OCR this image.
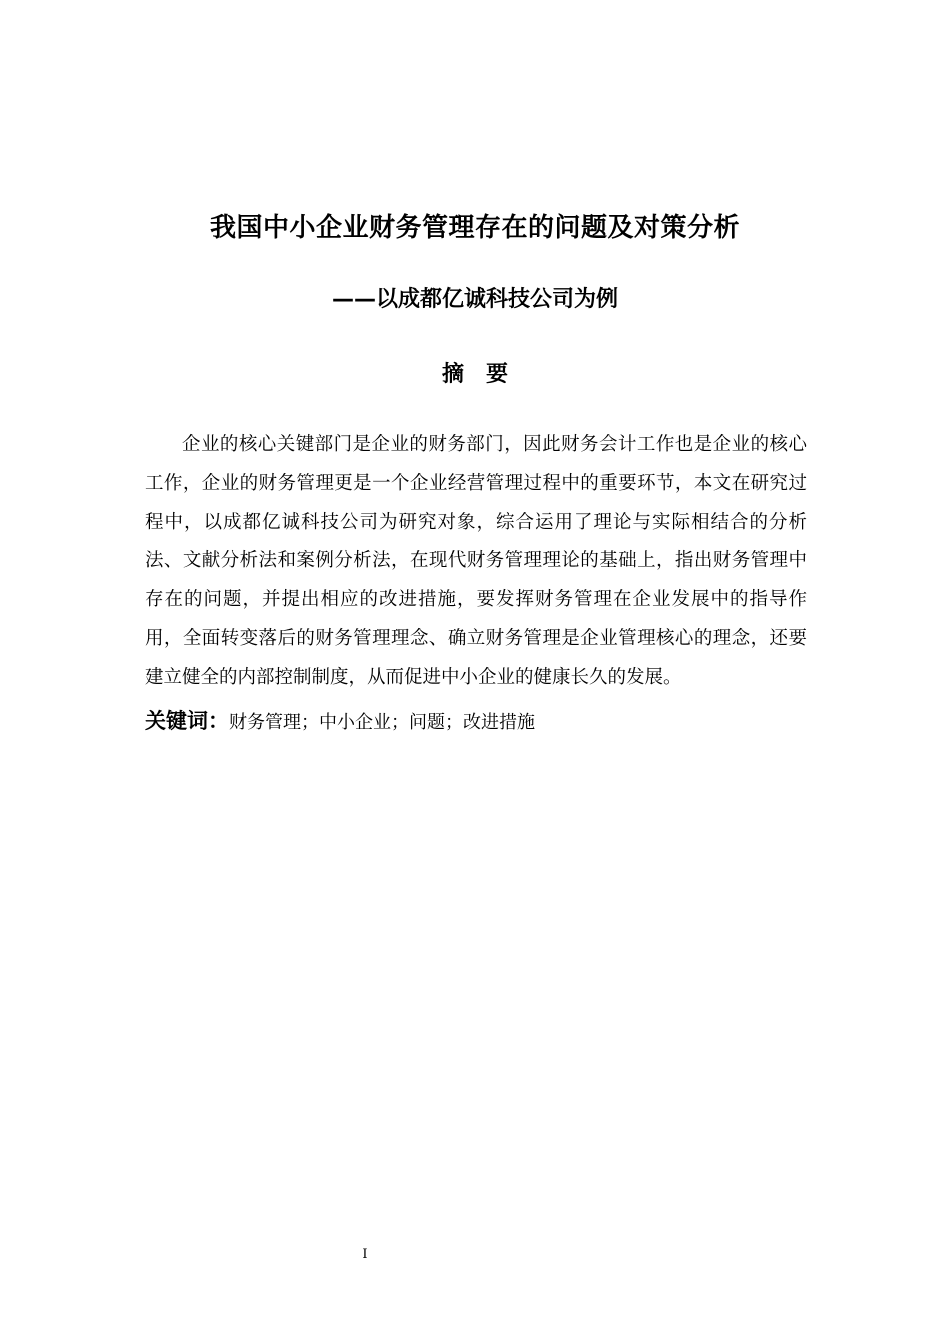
我国中小企业财务管理存在的问题及对策分析
——以成都亿诚科技公司为例
摘要

企业的核心关键部门是企业的财务部门，因此财务会计工作也是企业的核心工作，企业的财务管理更是一个企业经营管理过程中的重要环节，本文在研究过程中，以成都亿诚科技公司为研究对象，综合运用了理论与实际相结合的分析法、文献分析法和案例分析法，在现代财务管理理论的基础上，指出财务管理中存在的问题，并提出相应的改进措施，要发挥财务管理在企业发展中的指导作用，全面转变落后的财务管理理念、确立财务管理是企业管理核心的理念，还要建立健全的内部控制制度，从而促进中小企业的健康长久的发展。

关键词：财务管理；中小企业；问题；改进措施
I
